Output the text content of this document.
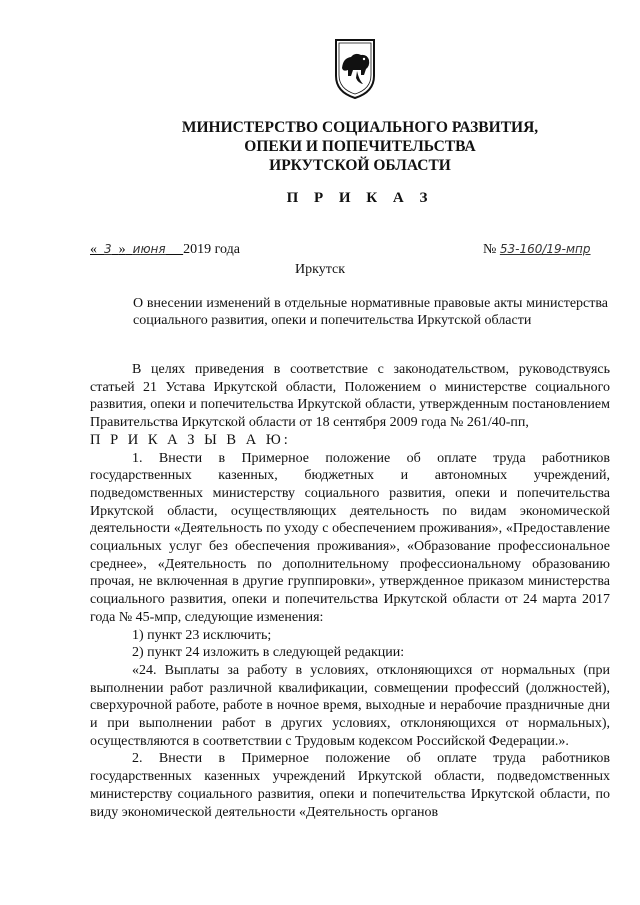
МИНИСТЕРСТВО СОЦИАЛЬНОГО РАЗВИТИЯ,
ОПЕКИ И ПОПЕЧИТЕЛЬСТВА
ИРКУТСКОЙ ОБЛАСТИ
П Р И К А З
« 3 » июня 2019 года	№ 53-160/19-мпр
Иркутск
О внесении изменений в отдельные нормативные правовые акты министерства социального развития, опеки и попечительства Иркутской области

В целях приведения в соответствие с законодательством, руководствуясь статьей 21 Устава Иркутской области, Положением о министерстве социального развития, опеки и попечительства Иркутской области, утвержденным постановлением Правительства Иркутской области от 18 сентября 2009 года № 261/40-пп,

П Р И К А З Ы В А Ю:

1. Внести в Примерное положение об оплате труда работников государственных казенных, бюджетных и автономных учреждений, подведомственных министерству социального развития, опеки и попечительства Иркутской области, осуществляющих деятельность по видам экономической деятельности «Деятельность по уходу с обеспечением проживания», «Предоставление социальных услуг без обеспечения проживания», «Образование профессиональное среднее», «Деятельность по дополнительному профессиональному образованию прочая, не включенная в другие группировки», утвержденное приказом министерства социального развития, опеки и попечительства Иркутской области от 24 марта 2017 года № 45-мпр, следующие изменения:

1) пункт 23 исключить;

2) пункт 24 изложить в следующей редакции:

«24. Выплаты за работу в условиях, отклоняющихся от нормальных (при выполнении работ различной квалификации, совмещении профессий (должностей), сверхурочной работе, работе в ночное время, выходные и нерабочие праздничные дни и при выполнении работ в других условиях, отклоняющихся от нормальных), осуществляются в соответствии с Трудовым кодексом Российской Федерации.».

2. Внести в Примерное положение об оплате труда работников государственных казенных учреждений Иркутской области, подведомственных министерству социального развития, опеки и попечительства Иркутской области, по виду экономической деятельности «Деятельность органов
